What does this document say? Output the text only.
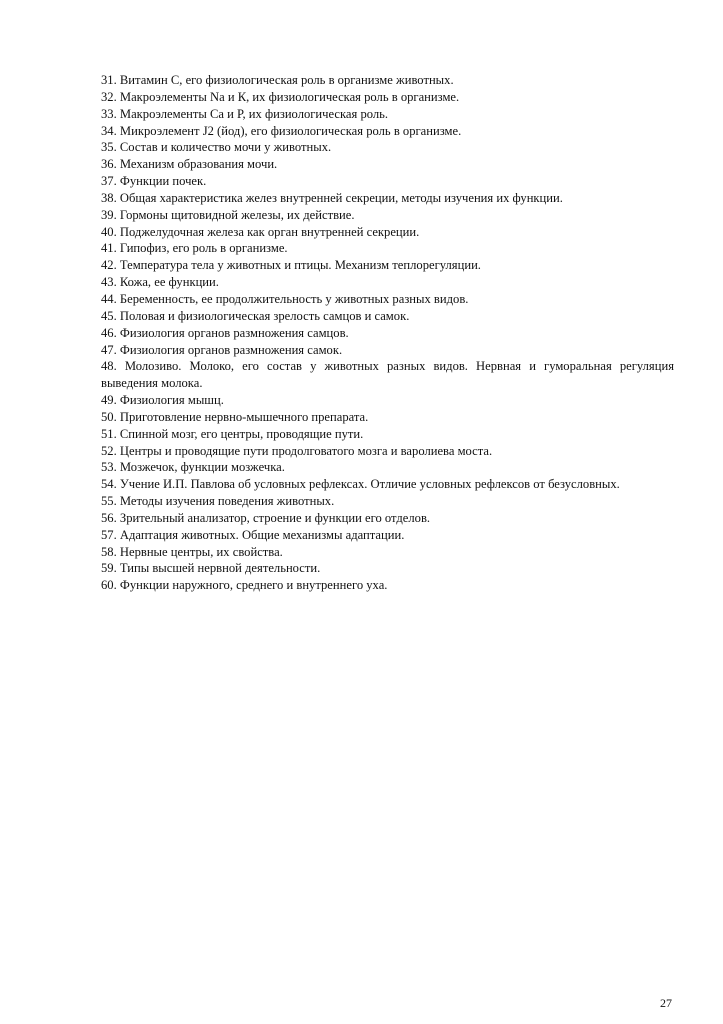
31. Витамин С, его физиологическая роль в организме животных.
32. Макроэлементы Na и К, их физиологическая роль в организме.
33. Макроэлементы Са и Р, их физиологическая роль.
34. Микроэлемент J2 (йод), его физиологическая роль в организме.
35. Состав и количество мочи у животных.
36. Механизм образования мочи.
37. Функции почек.
38. Общая характеристика желез внутренней секреции, методы изучения их функции.
39. Гормоны щитовидной железы, их действие.
40. Поджелудочная железа как орган внутренней секреции.
41. Гипофиз, его роль в организме.
42. Температура тела у животных и птицы. Механизм теплорегуляции.
43. Кожа, ее функции.
44. Беременность, ее продолжительность у животных разных видов.
45. Половая и физиологическая зрелость самцов и самок.
46. Физиология органов размножения самцов.
47. Физиология органов размножения самок.
48. Молозиво. Молоко, его состав у животных разных видов. Нервная и гуморальная регуляция выведения молока.
49. Физиология мышц.
50. Приготовление нервно-мышечного препарата.
51. Спинной мозг, его центры, проводящие пути.
52. Центры и проводящие пути продолговатого мозга и варолиева моста.
53. Мозжечок, функции мозжечка.
54. Учение И.П. Павлова об условных рефлексах. Отличие условных рефлексов от безусловных.
55. Методы изучения поведения животных.
56. Зрительный анализатор, строение и функции его отделов.
57. Адаптация животных. Общие механизмы адаптации.
58. Нервные центры, их свойства.
59. Типы высшей нервной деятельности.
60. Функции наружного, среднего и внутреннего уха.
27
